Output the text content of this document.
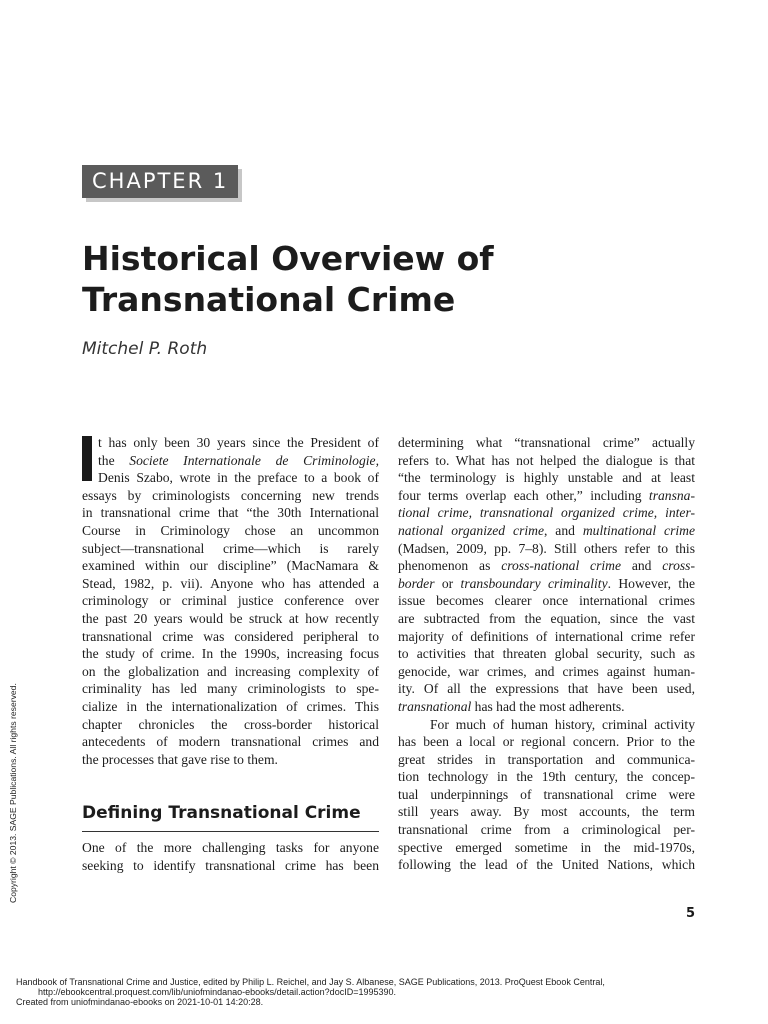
CHAPTER 1
Historical Overview of
Transnational Crime
Mitchel P. Roth

t has only been 30 years since the President of
the Societe Internationale de Criminologie,
Denis Szabo, wrote in the preface to a book of
essays by criminologists concerning new trends
in transnational crime that “the 30th International
Course in Criminology chose an uncommon
subject—transnational crime—which is rarely
examined within our discipline” (MacNamara &
Stead, 1982, p. vii). Anyone who has attended a
criminology or criminal justice conference over
the past 20 years would be struck at how recently
transnational crime was considered peripheral to
the study of crime. In the 1990s, increasing focus
on the globalization and increasing complexity of
criminality has led many criminologists to spe-
cialize in the internationalization of crimes. This
chapter chronicles the cross-border historical
antecedents of modern transnational crimes and
the processes that gave rise to them.

Defining Transnational Crime

One of the more challenging tasks for anyone
seeking to identify transnational crime has been

determining what “transnational crime” actually
refers to. What has not helped the dialogue is that
“the terminology is highly unstable and at least
four terms overlap each other,” including transna-
tional crime, transnational organized crime, inter-
national organized crime, and multinational crime
(Madsen, 2009, pp. 7–8). Still others refer to this
phenomenon as cross-national crime and cross-
border or transboundary criminality. However, the
issue becomes clearer once international crimes
are subtracted from the equation, since the vast
majority of definitions of international crime refer
to activities that threaten global security, such as
genocide, war crimes, and crimes against human-
ity. Of all the expressions that have been used,
transnational has had the most adherents.

For much of human history, criminal activity
has been a local or regional concern. Prior to the
great strides in transportation and communica-
tion technology in the 19th century, the concep-
tual underpinnings of transnational crime were
still years away. By most accounts, the term
transnational crime from a criminological per-
spective emerged sometime in the mid-1970s,
following the lead of the United Nations, which

5
Copyright © 2013. SAGE Publications. All rights reserved.
Handbook of Transnational Crime and Justice, edited by Philip L. Reichel, and Jay S. Albanese, SAGE Publications, 2013. ProQuest Ebook Central,
http://ebookcentral.proquest.com/lib/uniofmindanao-ebooks/detail.action?docID=1995390.
Created from uniofmindanao-ebooks on 2021-10-01 14:20:28.
